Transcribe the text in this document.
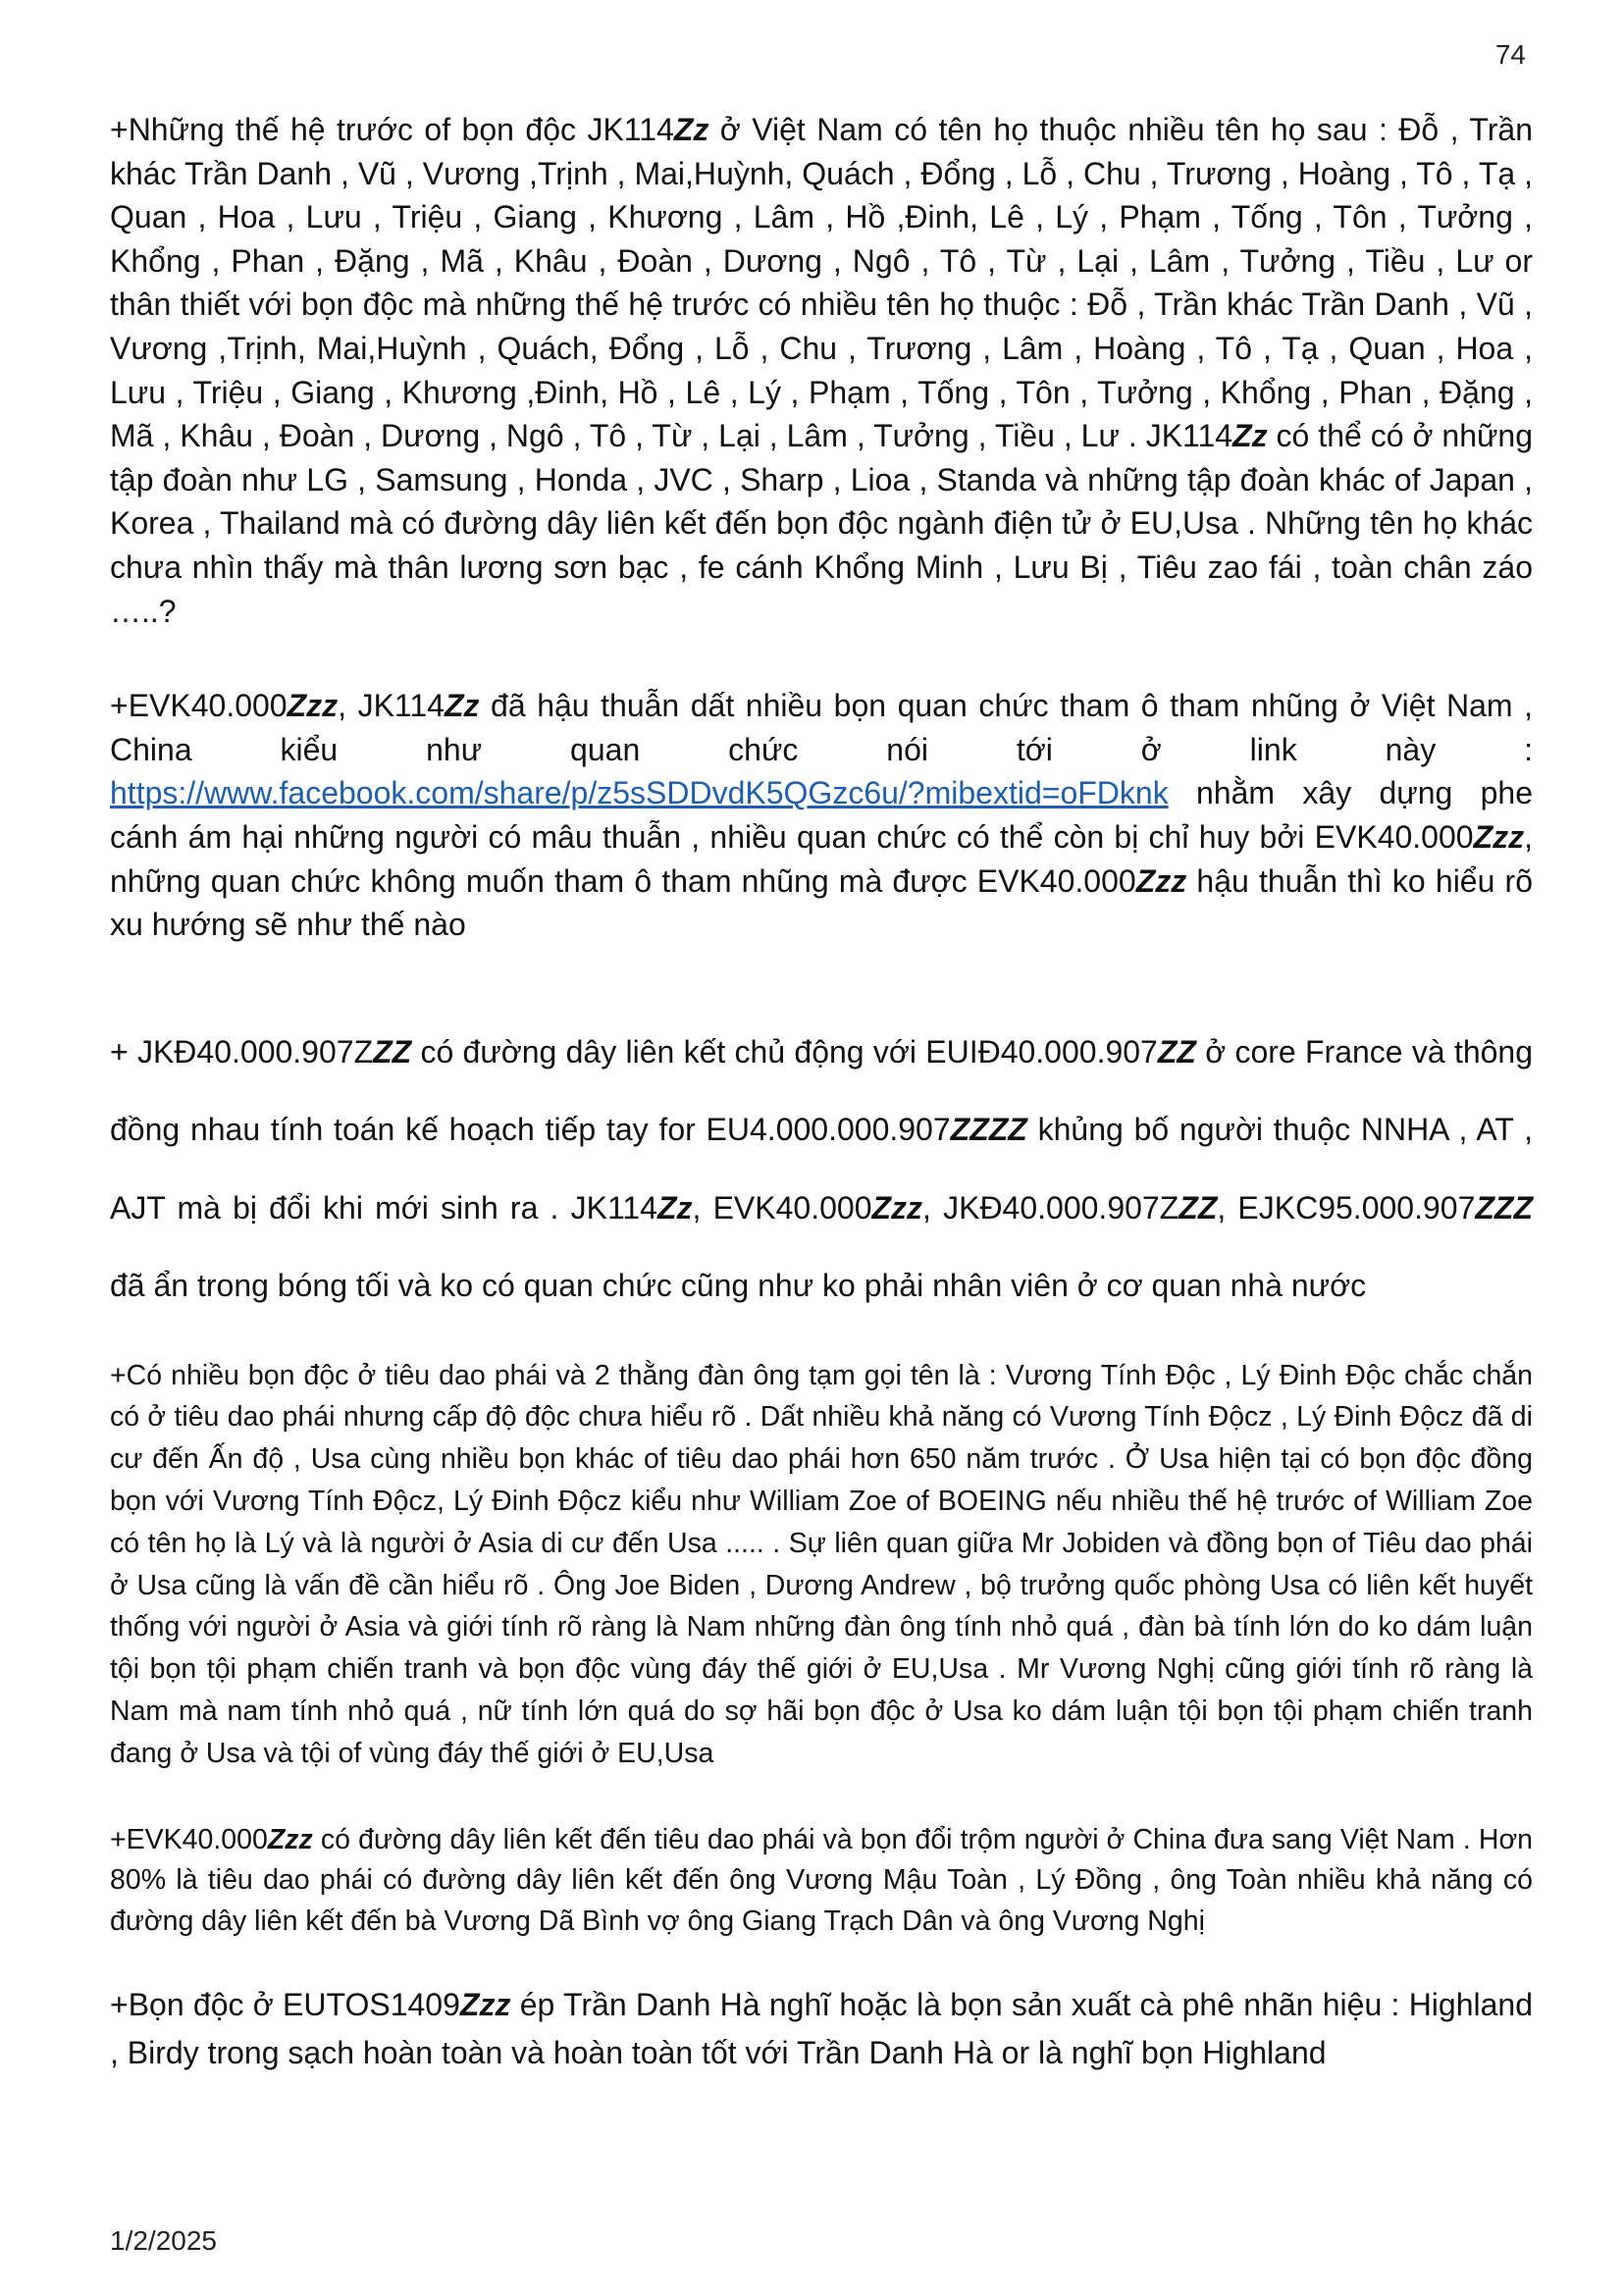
74

+Những thế hệ trước of bọn độc JK114Zz ở Việt Nam có tên họ thuộc nhiều tên họ sau : Đỗ , Trần khác Trần Danh , Vũ , Vương ,Trịnh , Mai,Huỳnh, Quách , Đổng , Lỗ , Chu , Trương , Hoàng , Tô , Tạ , Quan , Hoa , Lưu , Triệu , Giang , Khương , Lâm , Hồ ,Đinh, Lê , Lý , Phạm , Tống , Tôn , Tưởng , Khổng , Phan , Đặng , Mã , Khâu , Đoàn , Dương , Ngô , Tô , Từ , Lại , Lâm , Tưởng , Tiều , Lư or thân thiết với bọn độc mà những thế hệ trước có nhiều tên họ thuộc : Đỗ , Trần khác Trần Danh , Vũ , Vương ,Trịnh, Mai,Huỳnh , Quách, Đổng , Lỗ , Chu , Trương , Lâm , Hoàng , Tô , Tạ , Quan , Hoa , Lưu , Triệu , Giang , Khương ,Đinh, Hồ , Lê , Lý , Phạm , Tống , Tôn , Tưởng , Khổng , Phan , Đặng , Mã , Khâu , Đoàn , Dương , Ngô , Tô , Từ , Lại , Lâm , Tưởng , Tiều , Lư . JK114Zz có thể có ở những tập đoàn như LG , Samsung , Honda , JVC , Sharp , Lioa , Standa và những tập đoàn khác of Japan , Korea , Thailand mà có đường dây liên kết đến bọn độc ngành điện tử ở EU,Usa . Những tên họ khác chưa nhìn thấy mà thân lương sơn bạc , fe cánh Khổng Minh , Lưu Bị , Tiêu zao fái , toàn chân záo …..?

+EVK40.000Zzz, JK114Zz đã hậu thuẫn dất nhiều bọn quan chức tham ô tham nhũng ở Việt Nam , China kiểu như quan chức nói tới ở link này : https://www.facebook.com/share/p/z5sSDDvdK5QGzc6u/?mibextid=oFDknk nhằm xây dựng phe cánh ám hại những người có mâu thuẫn , nhiều quan chức có thể còn bị chỉ huy bởi EVK40.000Zzz, những quan chức không muốn tham ô tham nhũng mà được EVK40.000Zzz hậu thuẫn thì ko hiểu rõ xu hướng sẽ như thế nào

+ JKĐ40.000.907ZZZ có đường dây liên kết chủ động với EUIĐ40.000.907ZZ ở core France và thông đồng nhau tính toán kế hoạch tiếp tay for EU4.000.000.907ZZZZ khủng bố người thuộc NNHA , AT , AJT mà bị đổi khi mới sinh ra . JK114Zz, EVK40.000Zzz, JKĐ40.000.907ZZZ, EJKC95.000.907ZZZ đã ẩn trong bóng tối và ko có quan chức cũng như ko phải nhân viên ở cơ quan nhà nước

+Có nhiều bọn độc ở tiêu dao phái và 2 thằng đàn ông tạm gọi tên là : Vương Tính Độc , Lý Đinh Độc chắc chắn có ở tiêu dao phái nhưng cấp độ độc chưa hiểu rõ . Dất nhiều khả năng có Vương Tính Độcz , Lý Đinh Độcz đã di cư đến Ấn độ , Usa cùng nhiều bọn khác of tiêu dao phái hơn 650 năm trước . Ở Usa hiện tại có bọn độc đồng bọn với Vương Tính Độcz, Lý Đinh Độcz kiểu như William Zoe of BOEING nếu nhiều thế hệ trước of William Zoe có tên họ là Lý và là người ở Asia di cư đến Usa ..... . Sự liên quan giữa Mr Jobiden và đồng bọn of Tiêu dao phái ở Usa cũng là vấn đề cần hiểu rõ . Ông Joe Biden , Dương Andrew , bộ trưởng quốc phòng Usa có liên kết huyết thống với người ở Asia và giới tính rõ ràng là Nam những đàn ông tính nhỏ quá , đàn bà tính lớn do ko dám luận tội bọn tội phạm chiến tranh và bọn độc vùng đáy thế giới ở EU,Usa . Mr Vương Nghị cũng giới tính rõ ràng là Nam mà nam tính nhỏ quá , nữ tính lớn quá do sợ hãi bọn độc ở Usa ko dám luận tội bọn tội phạm chiến tranh đang ở Usa và tội of vùng đáy thế giới ở EU,Usa

+EVK40.000Zzz có đường dây liên kết đến tiêu dao phái và bọn đổi trộm người ở China đưa sang Việt Nam . Hơn 80% là tiêu dao phái có đường dây liên kết đến ông Vương Mậu Toàn , Lý Đồng , ông Toàn nhiều khả năng có đường dây liên kết đến bà Vương Dã Bình vợ ông Giang Trạch Dân và ông Vương Nghị

+Bọn độc ở EUTOS1409Zzz ép Trần Danh Hà nghĩ hoặc là bọn sản xuất cà phê nhãn hiệu : Highland , Birdy trong sạch hoàn toàn và hoàn toàn tốt với Trần Danh Hà or là nghĩ bọn Highland

1/2/2025
